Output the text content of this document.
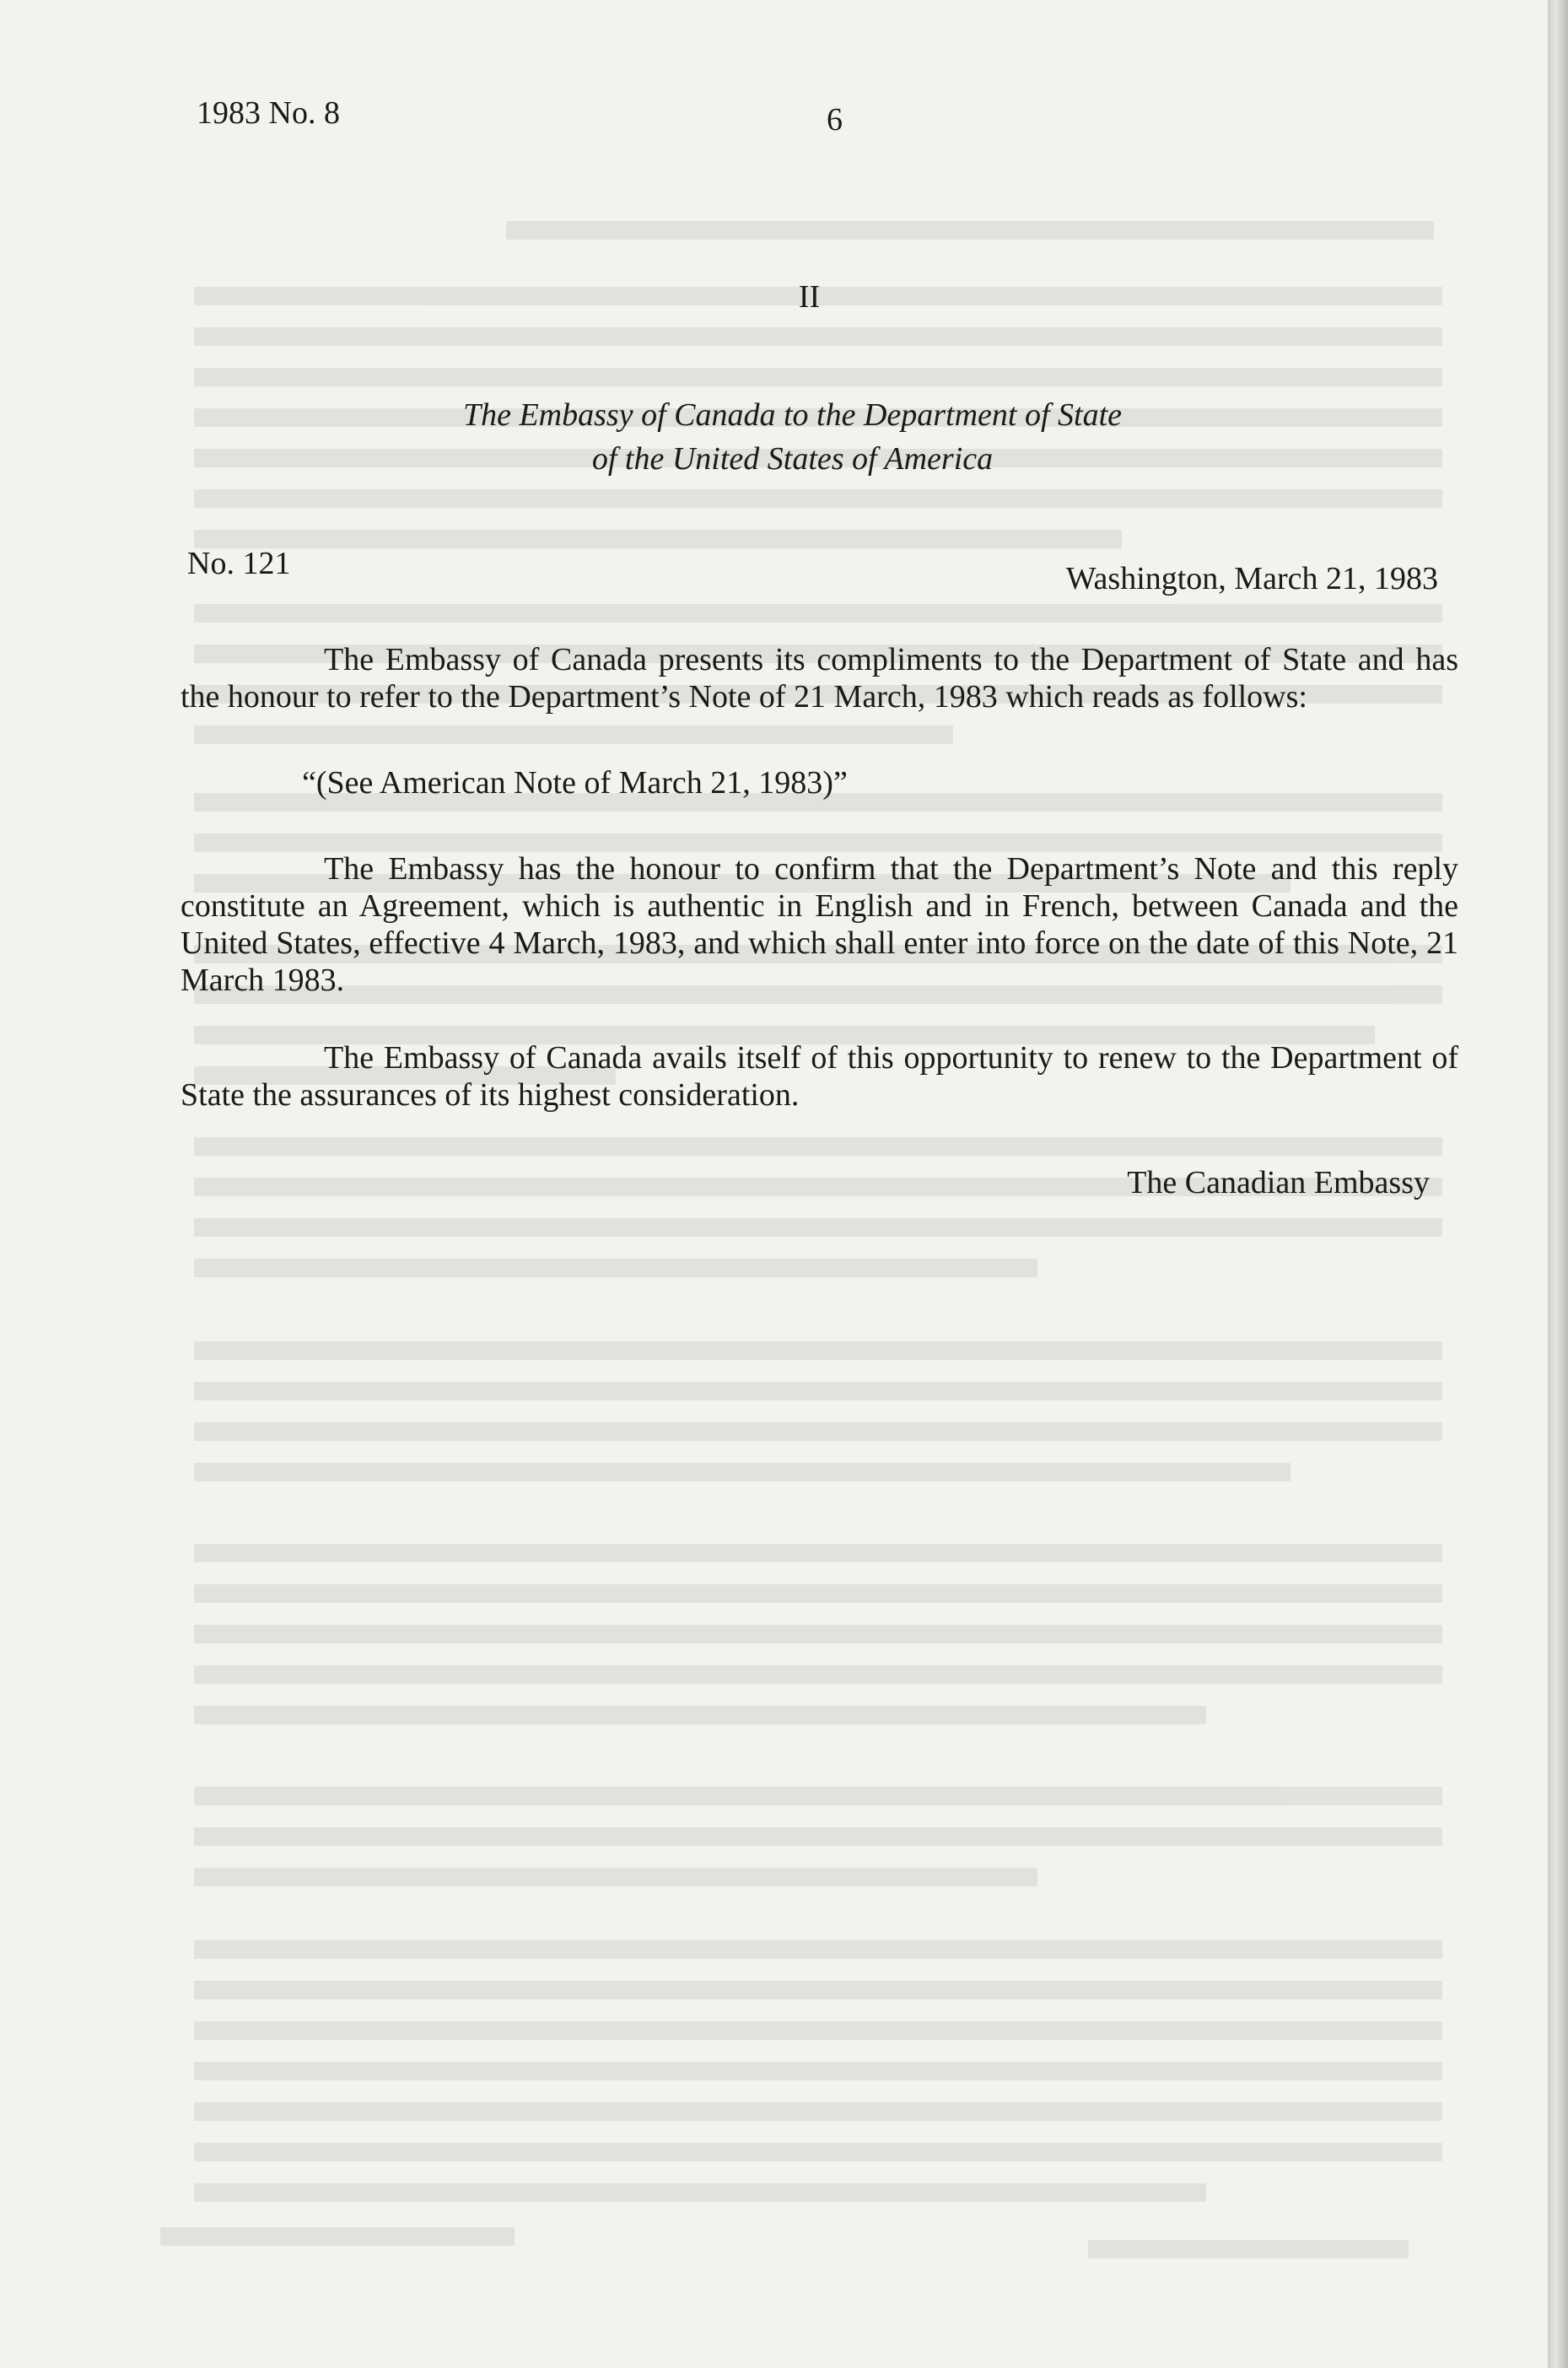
1983 No. 8	6
II
The Embassy of Canada to the Department of State
of the United States of America
No. 121	Washington, March 21, 1983
The Embassy of Canada presents its compliments to the Department of State and has the honour to refer to the Department’s Note of 21 March, 1983 which reads as follows:
“(See American Note of March 21, 1983)”
The Embassy has the honour to confirm that the Department’s Note and this reply constitute an Agreement, which is authentic in English and in French, between Canada and the United States, effective 4 March, 1983, and which shall enter into force on the date of this Note, 21 March 1983.
The Embassy of Canada avails itself of this opportunity to renew to the Department of State the assurances of its highest consideration.
The Canadian Embassy
